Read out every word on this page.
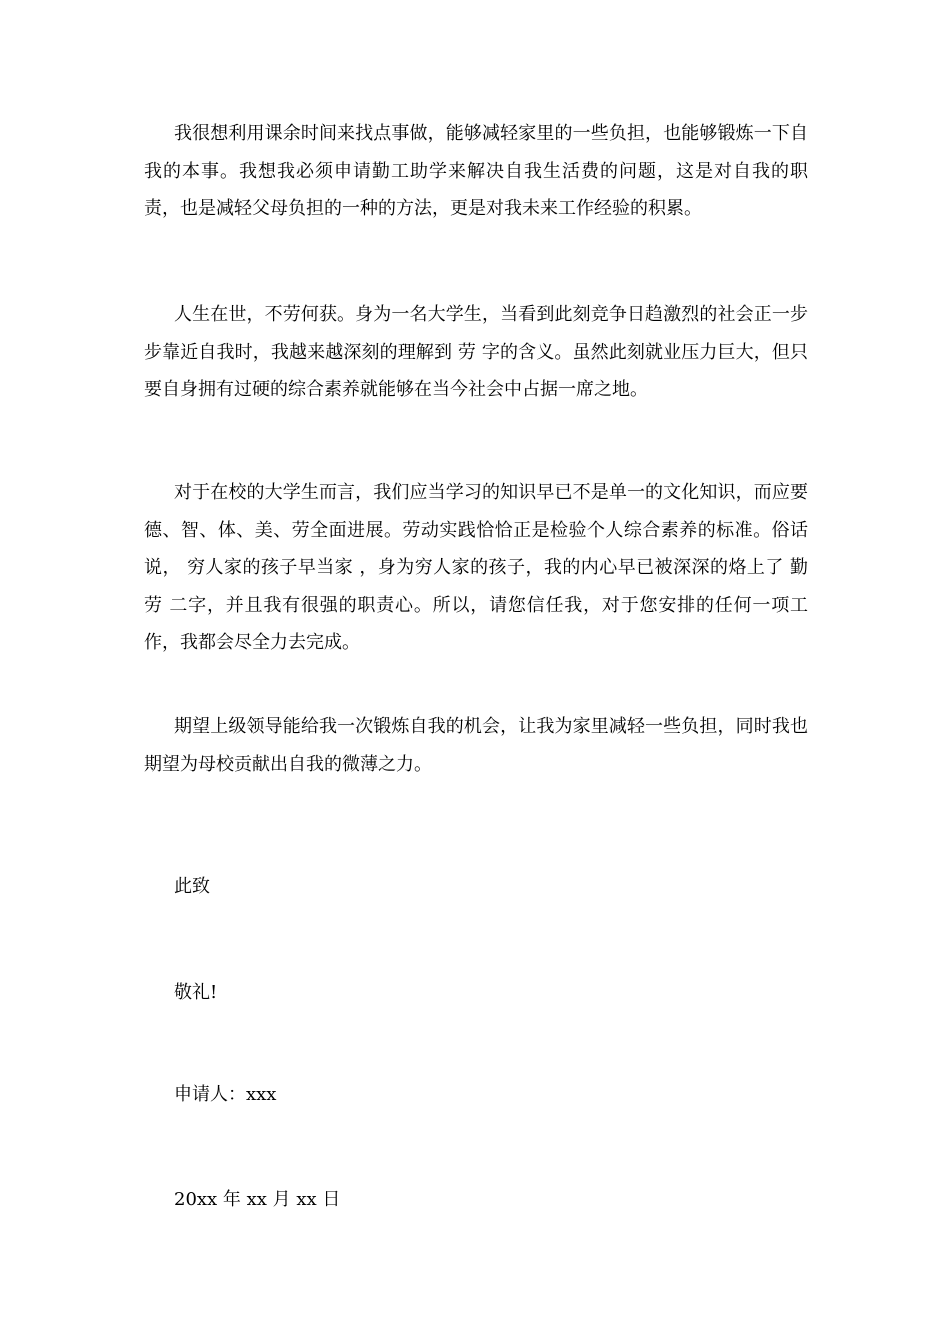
我很想利用课余时间来找点事做，能够减轻家里的一些负担，也能够锻炼一下自我的本事。我想我必须申请勤工助学来解决自我生活费的问题，这是对自我的职责，也是减轻父母负担的一种的方法，更是对我未来工作经验的积累。

人生在世，不劳何获。身为一名大学生，当看到此刻竞争日趋激烈的社会正一步步靠近自我时，我越来越深刻的理解到 劳 字的含义。虽然此刻就业压力巨大，但只要自身拥有过硬的综合素养就能够在当今社会中占据一席之地。

对于在校的大学生而言，我们应当学习的知识早已不是单一的文化知识，而应要德、智、体、美、劳全面进展。劳动实践恰恰正是检验个人综合素养的标准。俗话说， 穷人家的孩子早当家 ，身为穷人家的孩子，我的内心早已被深深的烙上了 勤劳 二字，并且我有很强的职责心。所以，请您信任我，对于您安排的任何一项工作，我都会尽全力去完成。

期望上级领导能给我一次锻炼自我的机会，让我为家里减轻一些负担，同时我也期望为母校贡献出自我的微薄之力。

此致

敬礼!

申请人：xxx

20xx 年 xx 月 xx 日
